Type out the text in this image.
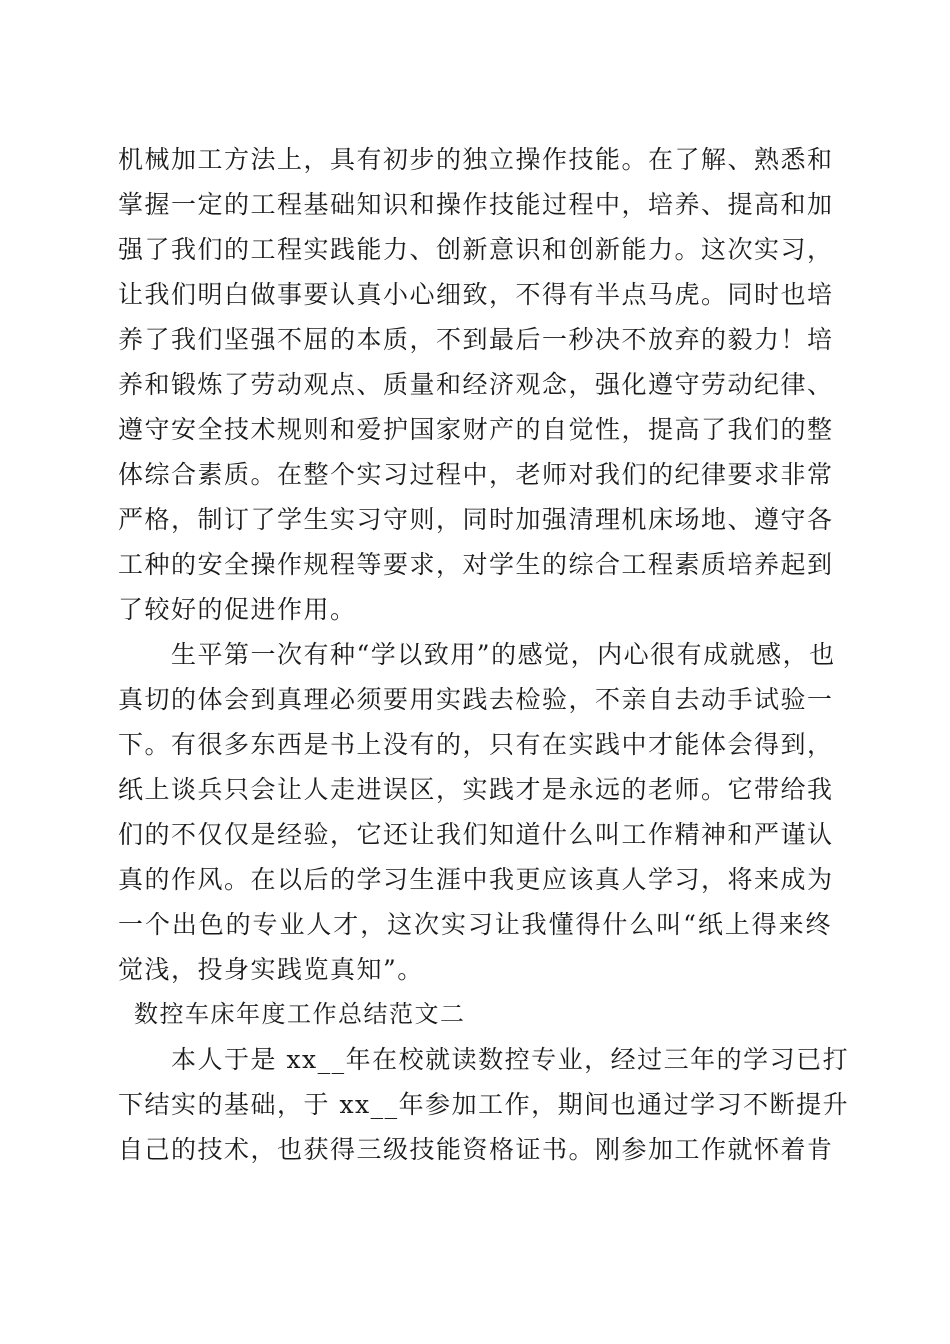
机械加工方法上，具有初步的独立操作技能。在了解、熟悉和
掌握一定的工程基础知识和操作技能过程中，培养、提高和加
强了我们的工程实践能力、创新意识和创新能力。这次实习，
让我们明白做事要认真小心细致，不得有半点马虎。同时也培
养了我们坚强不屈的本质，不到最后一秒决不放弃的毅力！培
养和锻炼了劳动观点、质量和经济观念，强化遵守劳动纪律、
遵守安全技术规则和爱护国家财产的自觉性，提高了我们的整
体综合素质。在整个实习过程中，老师对我们的纪律要求非常
严格，制订了学生实习守则，同时加强清理机床场地、遵守各
工种的安全操作规程等要求，对学生的综合工程素质培养起到
了较好的促进作用。
　　生平第一次有种“学以致用”的感觉，内心很有成就感，也
真切的体会到真理必须要用实践去检验，不亲自去动手试验一
下。有很多东西是书上没有的，只有在实践中才能体会得到，
纸上谈兵只会让人走进误区，实践才是永远的老师。它带给我
们的不仅仅是经验，它还让我们知道什么叫工作精神和严谨认
真的作风。在以后的学习生涯中我更应该真人学习，将来成为
一个出色的专业人才，这次实习让我懂得什么叫“纸上得来终
觉浅，投身实践览真知”。
数控车床年度工作总结范文二
　　本人于是 xx__年在校就读数控专业，经过三年的学习已打
下结实的基础，于 xx__年参加工作，期间也通过学习不断提升
自己的技术，也获得三级技能资格证书。刚参加工作就怀着肯
